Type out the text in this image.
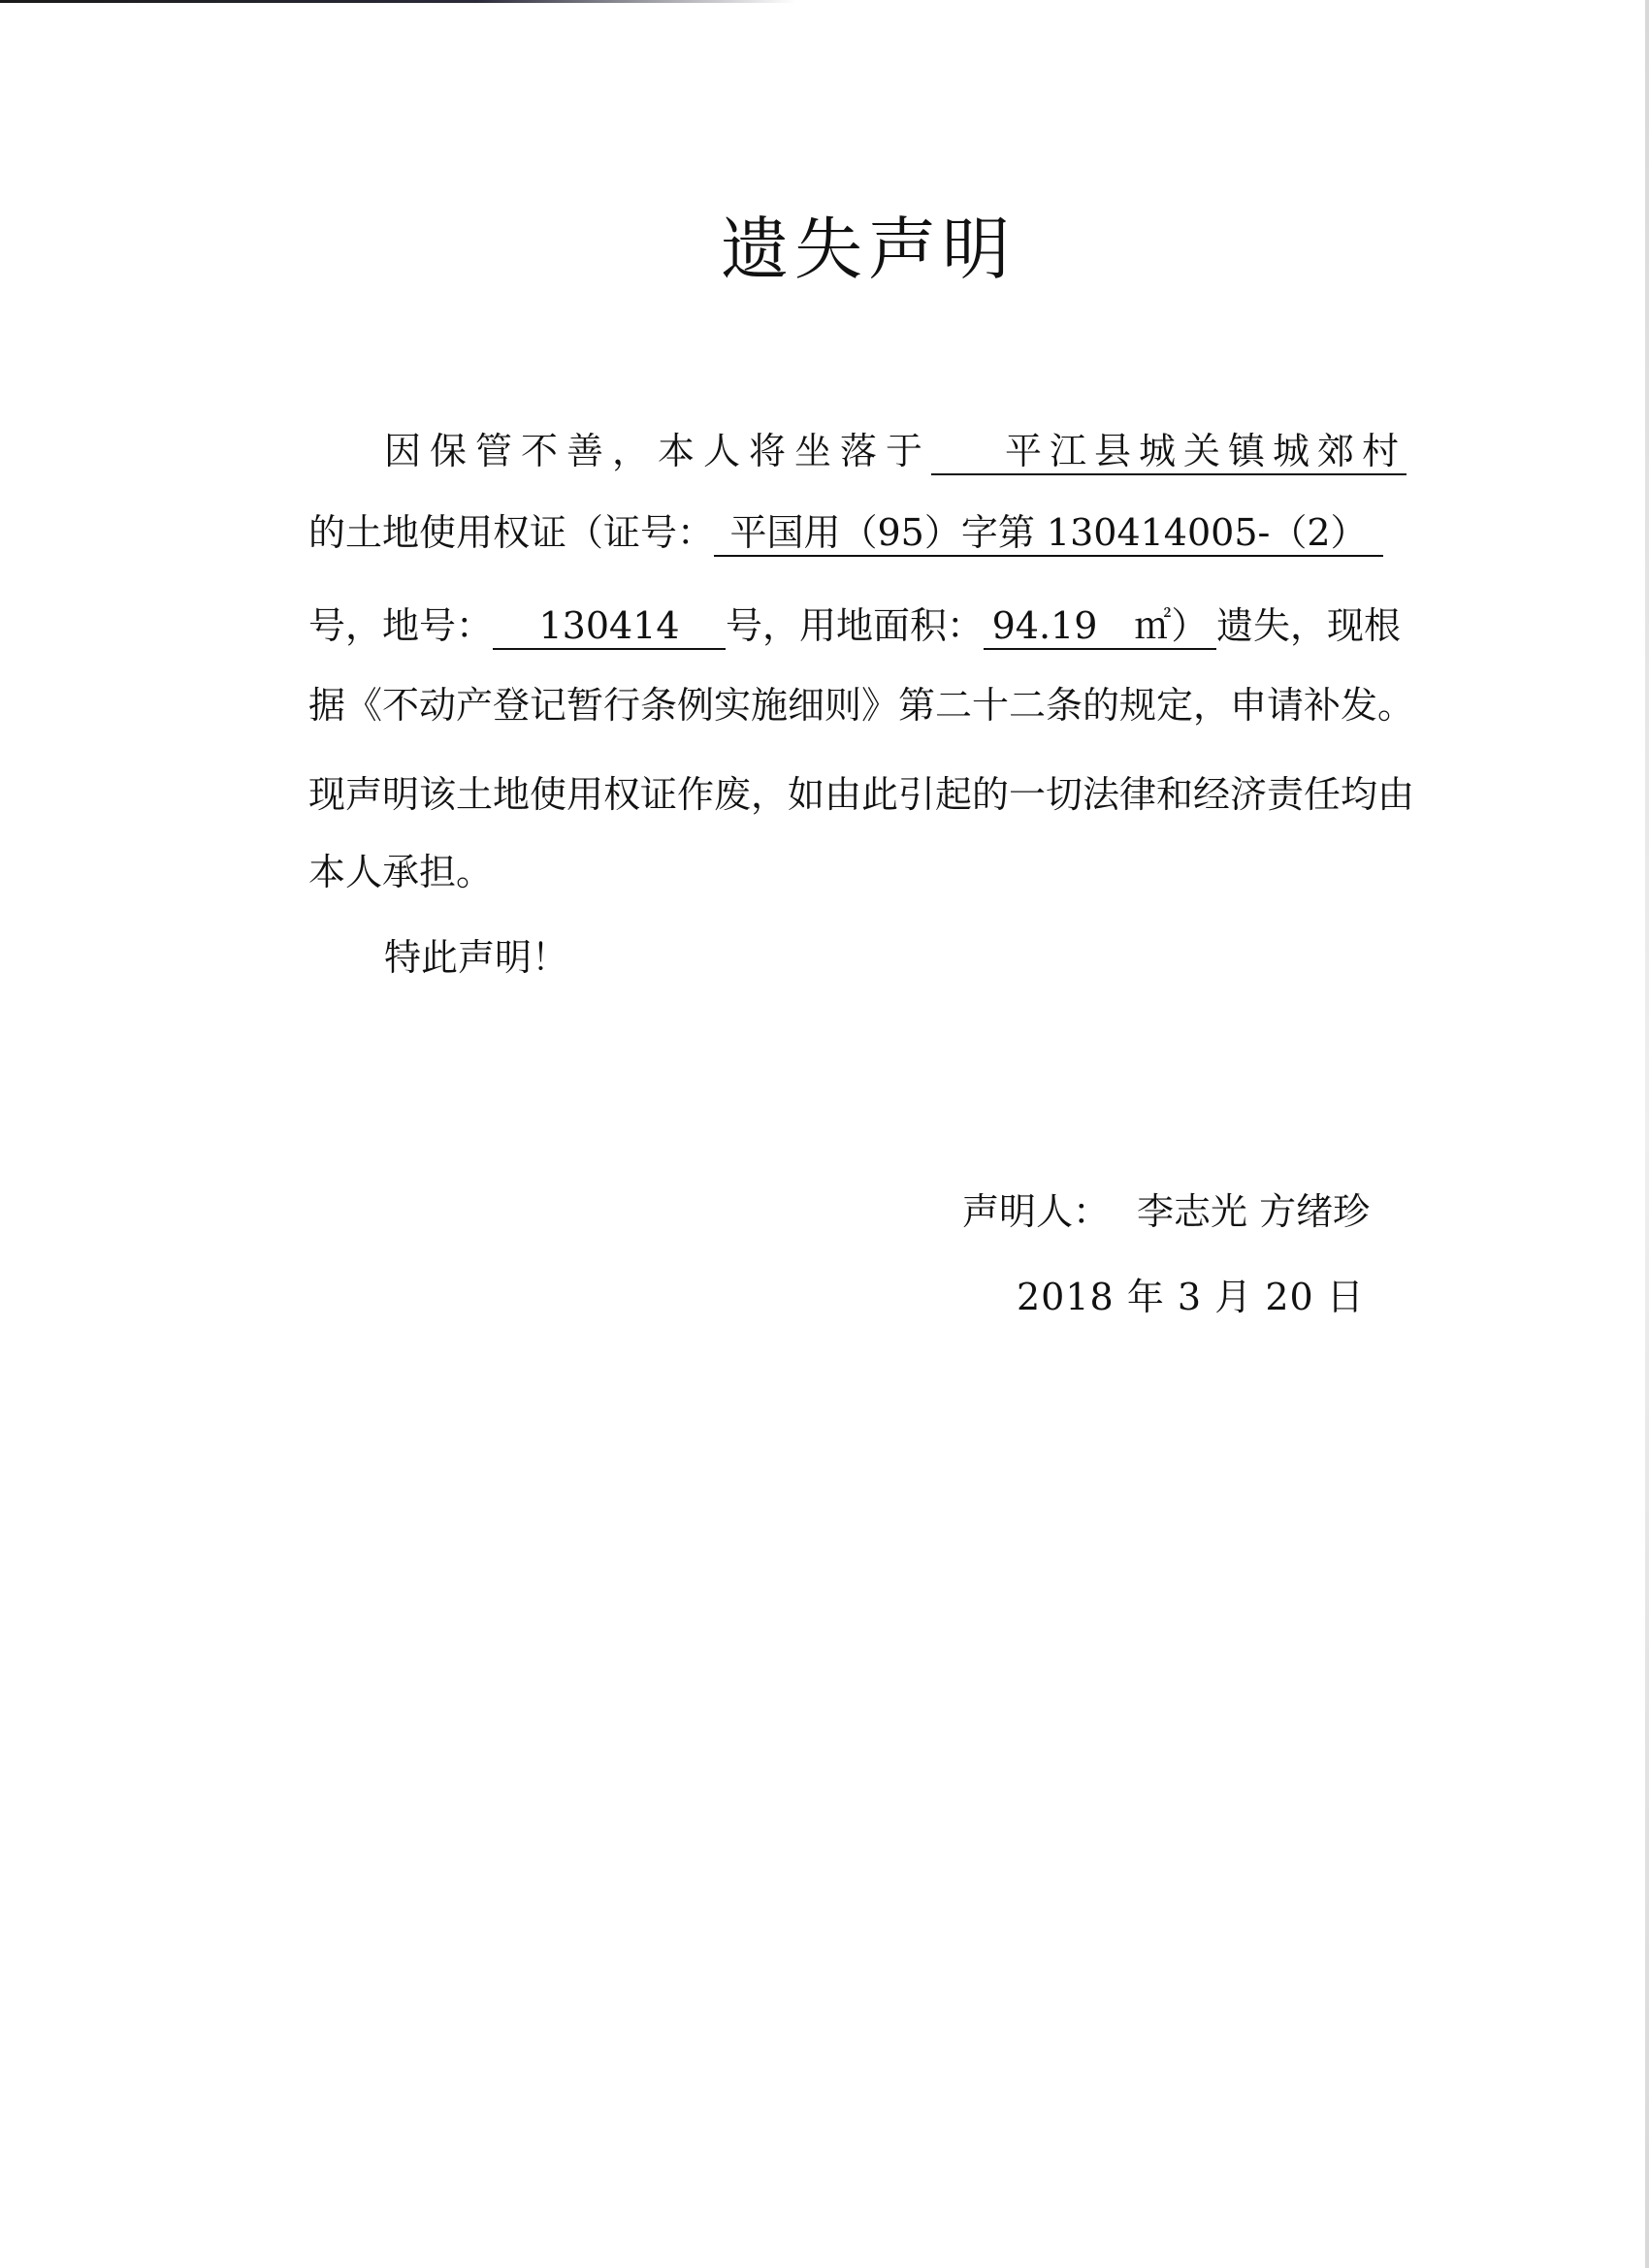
遗失声明
因保管不善，本人将坐落于 平江县城关镇城郊村
的土地使用权证（证号： 平国用（95）字第 130414005-（2）
号，地号： 130414 号，用地面积： 94.19　㎡） 遗失，现根
据《不动产登记暂行条例实施细则》第二十二条的规定，申请补发。
现声明该土地使用权证作废，如由此引起的一切法律和经济责任均由
本人承担。
特此声明！
声明人： 李志光 方绪珍
2018 年 3 月 20 日
